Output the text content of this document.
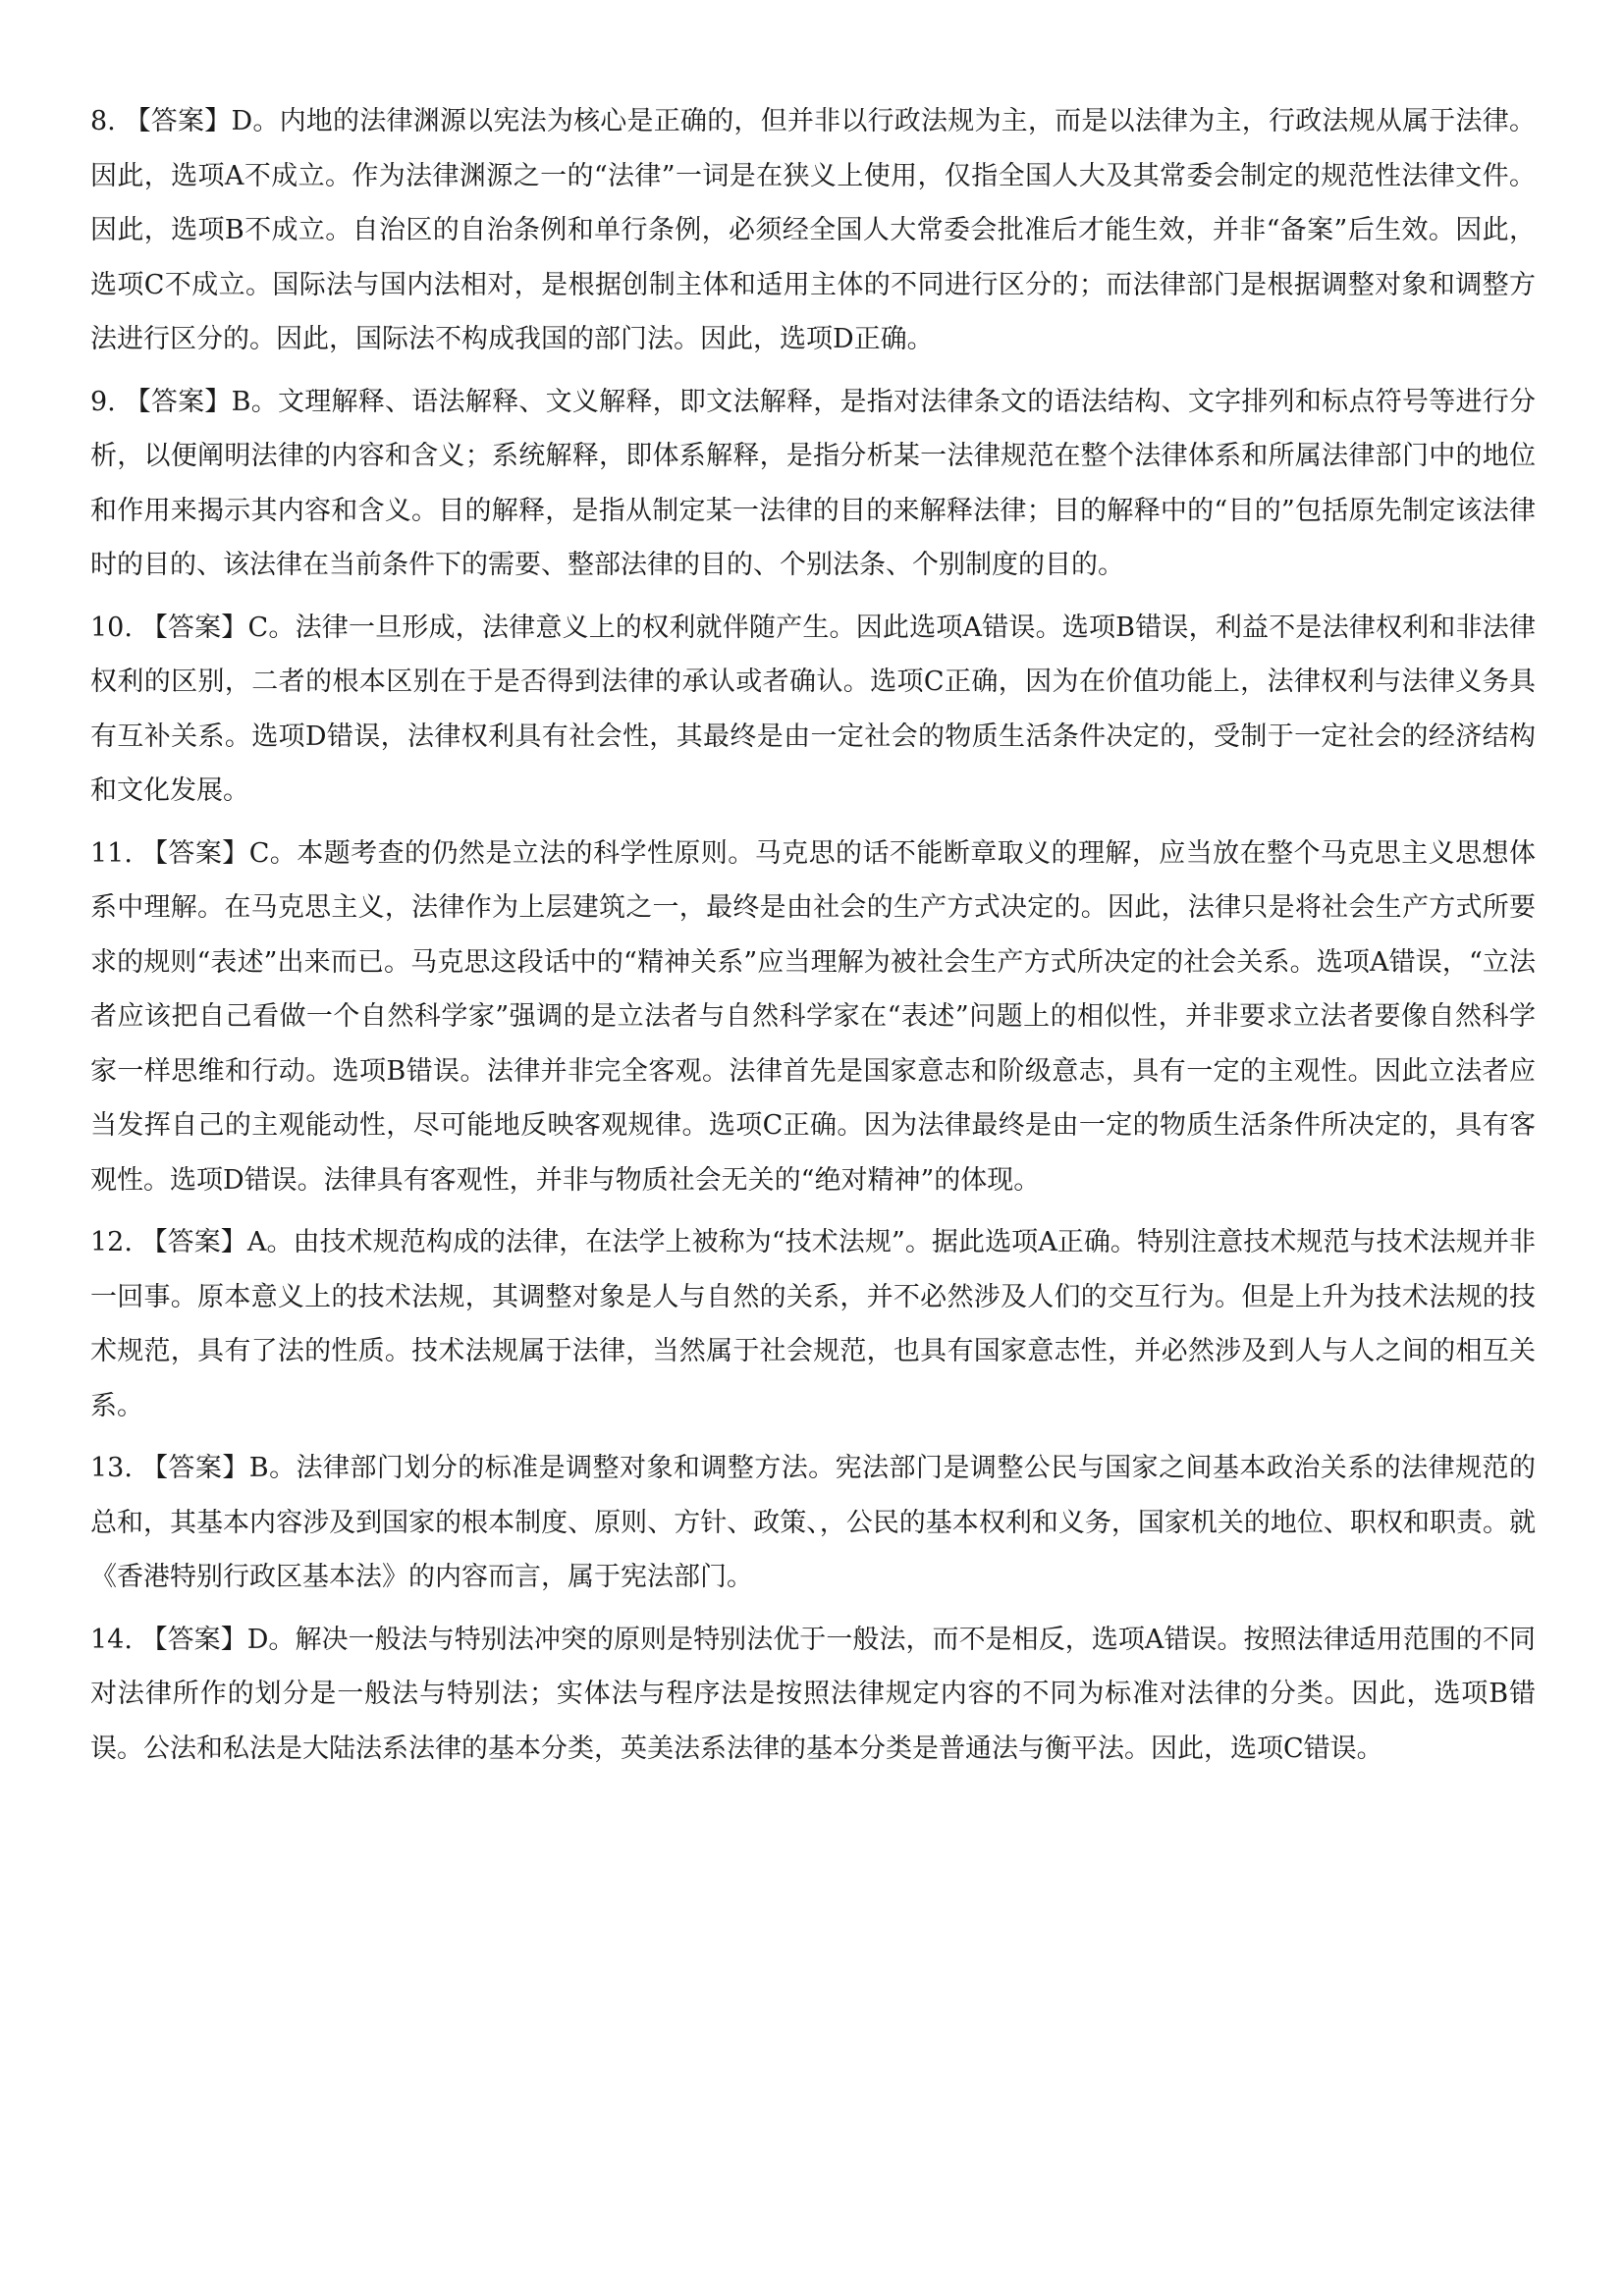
8. 【答案】D。内地的法律渊源以宪法为核心是正确的，但并非以行政法规为主，而是以法律为主，行政法规从属于法律。因此，选项A不成立。作为法律渊源之一的“法律”一词是在狭义上使用，仅指全国人大及其常委会制定的规范性法律文件。因此，选项B不成立。自治区的自治条例和单行条例，必须经全国人大常委会批准后才能生效，并非“备案”后生效。因此，选项C不成立。国际法与国内法相对，是根据创制主体和适用主体的不同进行区分的；而法律部门是根据调整对象和调整方法进行区分的。因此，国际法不构成我国的部门法。因此，选项D正确。

9. 【答案】B。文理解释、语法解释、文义解释，即文法解释，是指对法律条文的语法结构、文字排列和标点符号等进行分析，以便阐明法律的内容和含义；系统解释，即体系解释，是指分析某一法律规范在整个法律体系和所属法律部门中的地位和作用来揭示其内容和含义。目的解释，是指从制定某一法律的目的来解释法律；目的解释中的“目的”包括原先制定该法律时的目的、该法律在当前条件下的需要、整部法律的目的、个别法条、个别制度的目的。

10. 【答案】C。法律一旦形成，法律意义上的权利就伴随产生。因此选项A错误。选项B错误，利益不是法律权利和非法律权利的区别，二者的根本区别在于是否得到法律的承认或者确认。选项C正确，因为在价值功能上，法律权利与法律义务具有互补关系。选项D错误，法律权利具有社会性，其最终是由一定社会的物质生活条件决定的，受制于一定社会的经济结构和文化发展。

11. 【答案】C。本题考查的仍然是立法的科学性原则。马克思的话不能断章取义的理解，应当放在整个马克思主义思想体系中理解。在马克思主义，法律作为上层建筑之一，最终是由社会的生产方式决定的。因此，法律只是将社会生产方式所要求的规则“表述”出来而已。马克思这段话中的“精神关系”应当理解为被社会生产方式所决定的社会关系。选项A错误，“立法者应该把自己看做一个自然科学家”强调的是立法者与自然科学家在“表述”问题上的相似性，并非要求立法者要像自然科学家一样思维和行动。选项B错误。法律并非完全客观。法律首先是国家意志和阶级意志，具有一定的主观性。因此立法者应当发挥自己的主观能动性，尽可能地反映客观规律。选项C正确。因为法律最终是由一定的物质生活条件所决定的，具有客观性。选项D错误。法律具有客观性，并非与物质社会无关的“绝对精神”的体现。

12. 【答案】A。由技术规范构成的法律，在法学上被称为“技术法规”。据此选项A正确。特别注意技术规范与技术法规并非一回事。原本意义上的技术法规，其调整对象是人与自然的关系，并不必然涉及人们的交互行为。但是上升为技术法规的技术规范，具有了法的性质。技术法规属于法律，当然属于社会规范，也具有国家意志性，并必然涉及到人与人之间的相互关系。

13. 【答案】B。法律部门划分的标准是调整对象和调整方法。宪法部门是调整公民与国家之间基本政治关系的法律规范的总和，其基本内容涉及到国家的根本制度、原则、方针、政策、，公民的基本权利和义务，国家机关的地位、职权和职责。就《香港特别行政区基本法》的内容而言，属于宪法部门。

14. 【答案】D。解决一般法与特别法冲突的原则是特别法优于一般法，而不是相反，选项A错误。按照法律适用范围的不同对法律所作的划分是一般法与特别法；实体法与程序法是按照法律规定内容的不同为标准对法律的分类。因此，选项B错误。公法和私法是大陆法系法律的基本分类，英美法系法律的基本分类是普通法与衡平法。因此，选项C错误。
